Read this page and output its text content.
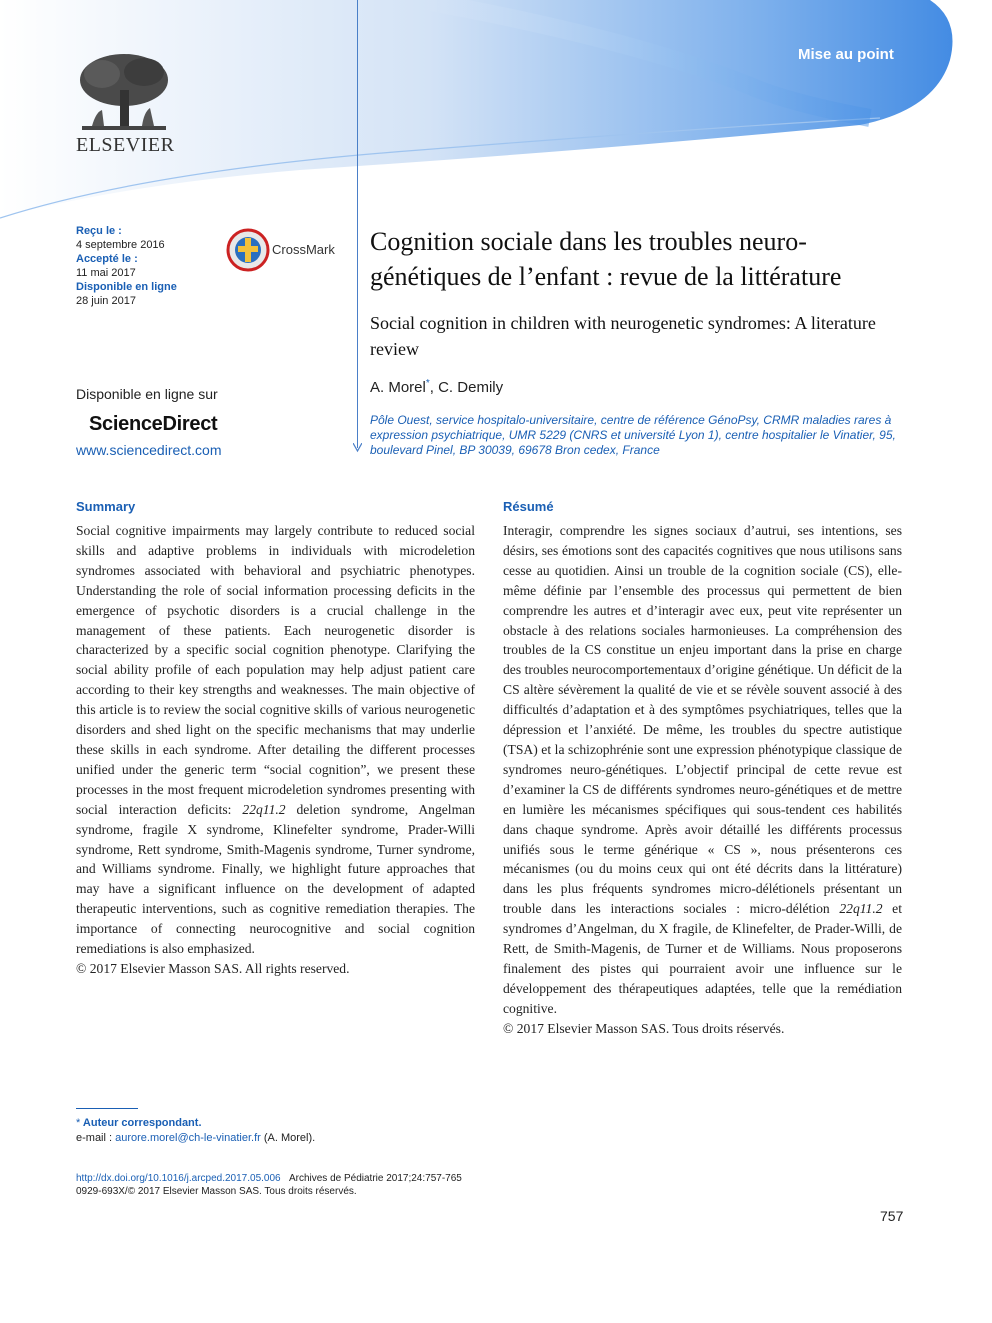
Mise au point
ELSEVIER
Reçu le :
4 septembre 2016
Accepté le :
11 mai 2017
Disponible en ligne
28 juin 2017
CrossMark
Disponible en ligne sur
ScienceDirect
www.sciencedirect.com
Cognition sociale dans les troubles neuro-génétiques de l’enfant : revue de la littérature
Social cognition in children with neurogenetic syndromes: A literature review
A. Morel*, C. Demily
Pôle Ouest, service hospitalo-universitaire, centre de référence GénoPsy, CRMR maladies rares à expression psychiatrique, UMR 5229 (CNRS et université Lyon 1), centre hospitalier le Vinatier, 95, boulevard Pinel, BP 30039, 69678 Bron cedex, France
Summary

Social cognitive impairments may largely contribute to reduced social skills and adaptive problems in individuals with microdeletion syndromes associated with behavioral and psychiatric phenotypes. Understanding the role of social information processing deficits in the emergence of psychotic disorders is a crucial challenge in the management of these patients. Each neurogenetic disorder is characterized by a specific social cognition phenotype. Clarifying the social ability profile of each population may help adjust patient care according to their key strengths and weaknesses. The main objective of this article is to review the social cognitive skills of various neurogenetic disorders and shed light on the specific mechanisms that may underlie these skills in each syndrome. After detailing the different processes unified under the generic term “social cognition”, we present these processes in the most frequent microdeletion syndromes presenting with social interaction deficits: 22q11.2 deletion syndrome, Angelman syndrome, fragile X syndrome, Klinefelter syndrome, Prader-Willi syndrome, Rett syndrome, Smith-Magenis syndrome, Turner syndrome, and Williams syndrome. Finally, we highlight future approaches that may have a significant influence on the development of adapted therapeutic interventions, such as cognitive remediation therapies. The importance of connecting neurocognitive and social cognition remediations is also emphasized.

© 2017 Elsevier Masson SAS. All rights reserved.

Résumé

Interagir, comprendre les signes sociaux d’autrui, ses intentions, ses désirs, ses émotions sont des capacités cognitives que nous utilisons sans cesse au quotidien. Ainsi un trouble de la cognition sociale (CS), elle-même définie par l’ensemble des processus qui permettent de bien comprendre les autres et d’interagir avec eux, peut vite représenter un obstacle à des relations sociales harmonieuses. La compréhension des troubles de la CS constitue un enjeu important dans la prise en charge des troubles neurocomportementaux d’origine génétique. Un déficit de la CS altère sévèrement la qualité de vie et se révèle souvent associé à des difficultés d’adaptation et à des symptômes psychiatriques, telles que la dépression et l’anxiété. De même, les troubles du spectre autistique (TSA) et la schizophrénie sont une expression phénotypique classique de syndromes neuro-génétiques. L’objectif principal de cette revue est d’examiner la CS de différents syndromes neuro-génétiques et de mettre en lumière les mécanismes spécifiques qui sous-tendent ces habilités dans chaque syndrome. Après avoir détaillé les différents processus unifiés sous le terme générique « CS », nous présenterons ces mécanismes (ou du moins ceux qui ont été décrits dans la littérature) dans les plus fréquents syndromes micro-délétionels présentant un trouble dans les interactions sociales : micro-délétion 22q11.2 et syndromes d’Angelman, du X fragile, de Klinefelter, de Prader-Willi, de Rett, de Smith-Magenis, de Turner et de Williams. Nous proposerons finalement des pistes qui pourraient avoir une influence sur le développement des thérapeutiques adaptées, telle que la remédiation cognitive.

© 2017 Elsevier Masson SAS. Tous droits réservés.

* Auteur correspondant.
e-mail : aurore.morel@ch-le-vinatier.fr (A. Morel).
http://dx.doi.org/10.1016/j.arcped.2017.05.006 Archives de Pédiatrie 2017;24:757-765
0929-693X/© 2017 Elsevier Masson SAS. Tous droits réservés.
757
